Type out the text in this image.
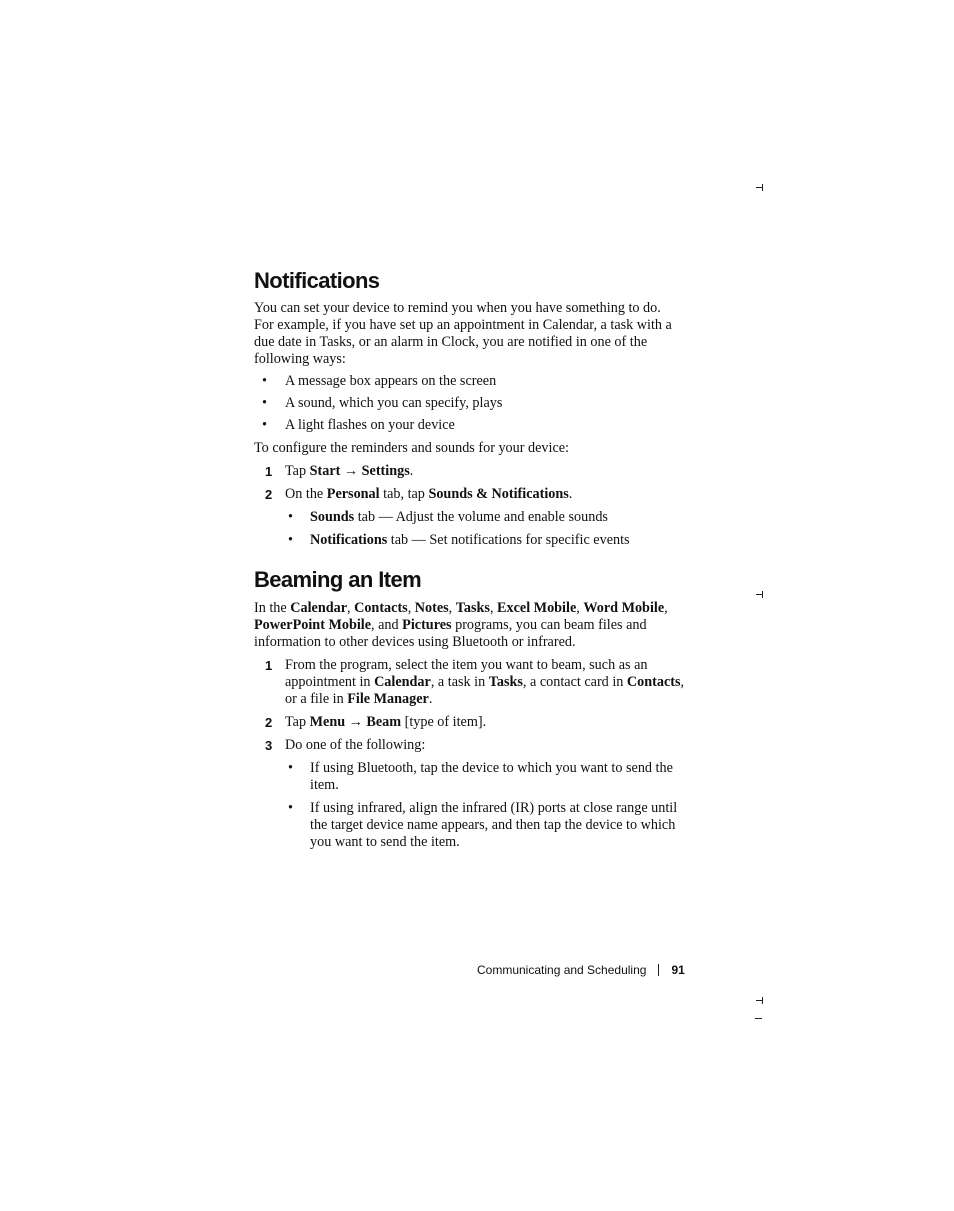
Notifications

You can set your device to remind you when you have something to do.
For example, if you have set up an appointment in Calendar, a task with a
due date in Tasks, or an alarm in Clock, you are notified in one of the
following ways:

• A message box appears on the screen
• A sound, which you can specify, plays
• A light flashes on your device

To configure the reminders and sounds for your device:

1 Tap Start → Settings.
2 On the Personal tab, tap Sounds & Notifications.
• Sounds tab — Adjust the volume and enable sounds
• Notifications tab — Set notifications for specific events
Beaming an Item

In the Calendar, Contacts, Notes, Tasks, Excel Mobile, Word Mobile,
PowerPoint Mobile, and Pictures programs, you can beam files and
information to other devices using Bluetooth or infrared.

1 From the program, select the item you want to beam, such as an
appointment in Calendar, a task in Tasks, a contact card in Contacts,
or a file in File Manager.
2 Tap Menu → Beam [type of item].
3 Do one of the following:
• If using Bluetooth, tap the device to which you want to send the
item.
• If using infrared, align the infrared (IR) ports at close range until
the target device name appears, and then tap the device to which
you want to send the item.
Communicating and Scheduling 91
